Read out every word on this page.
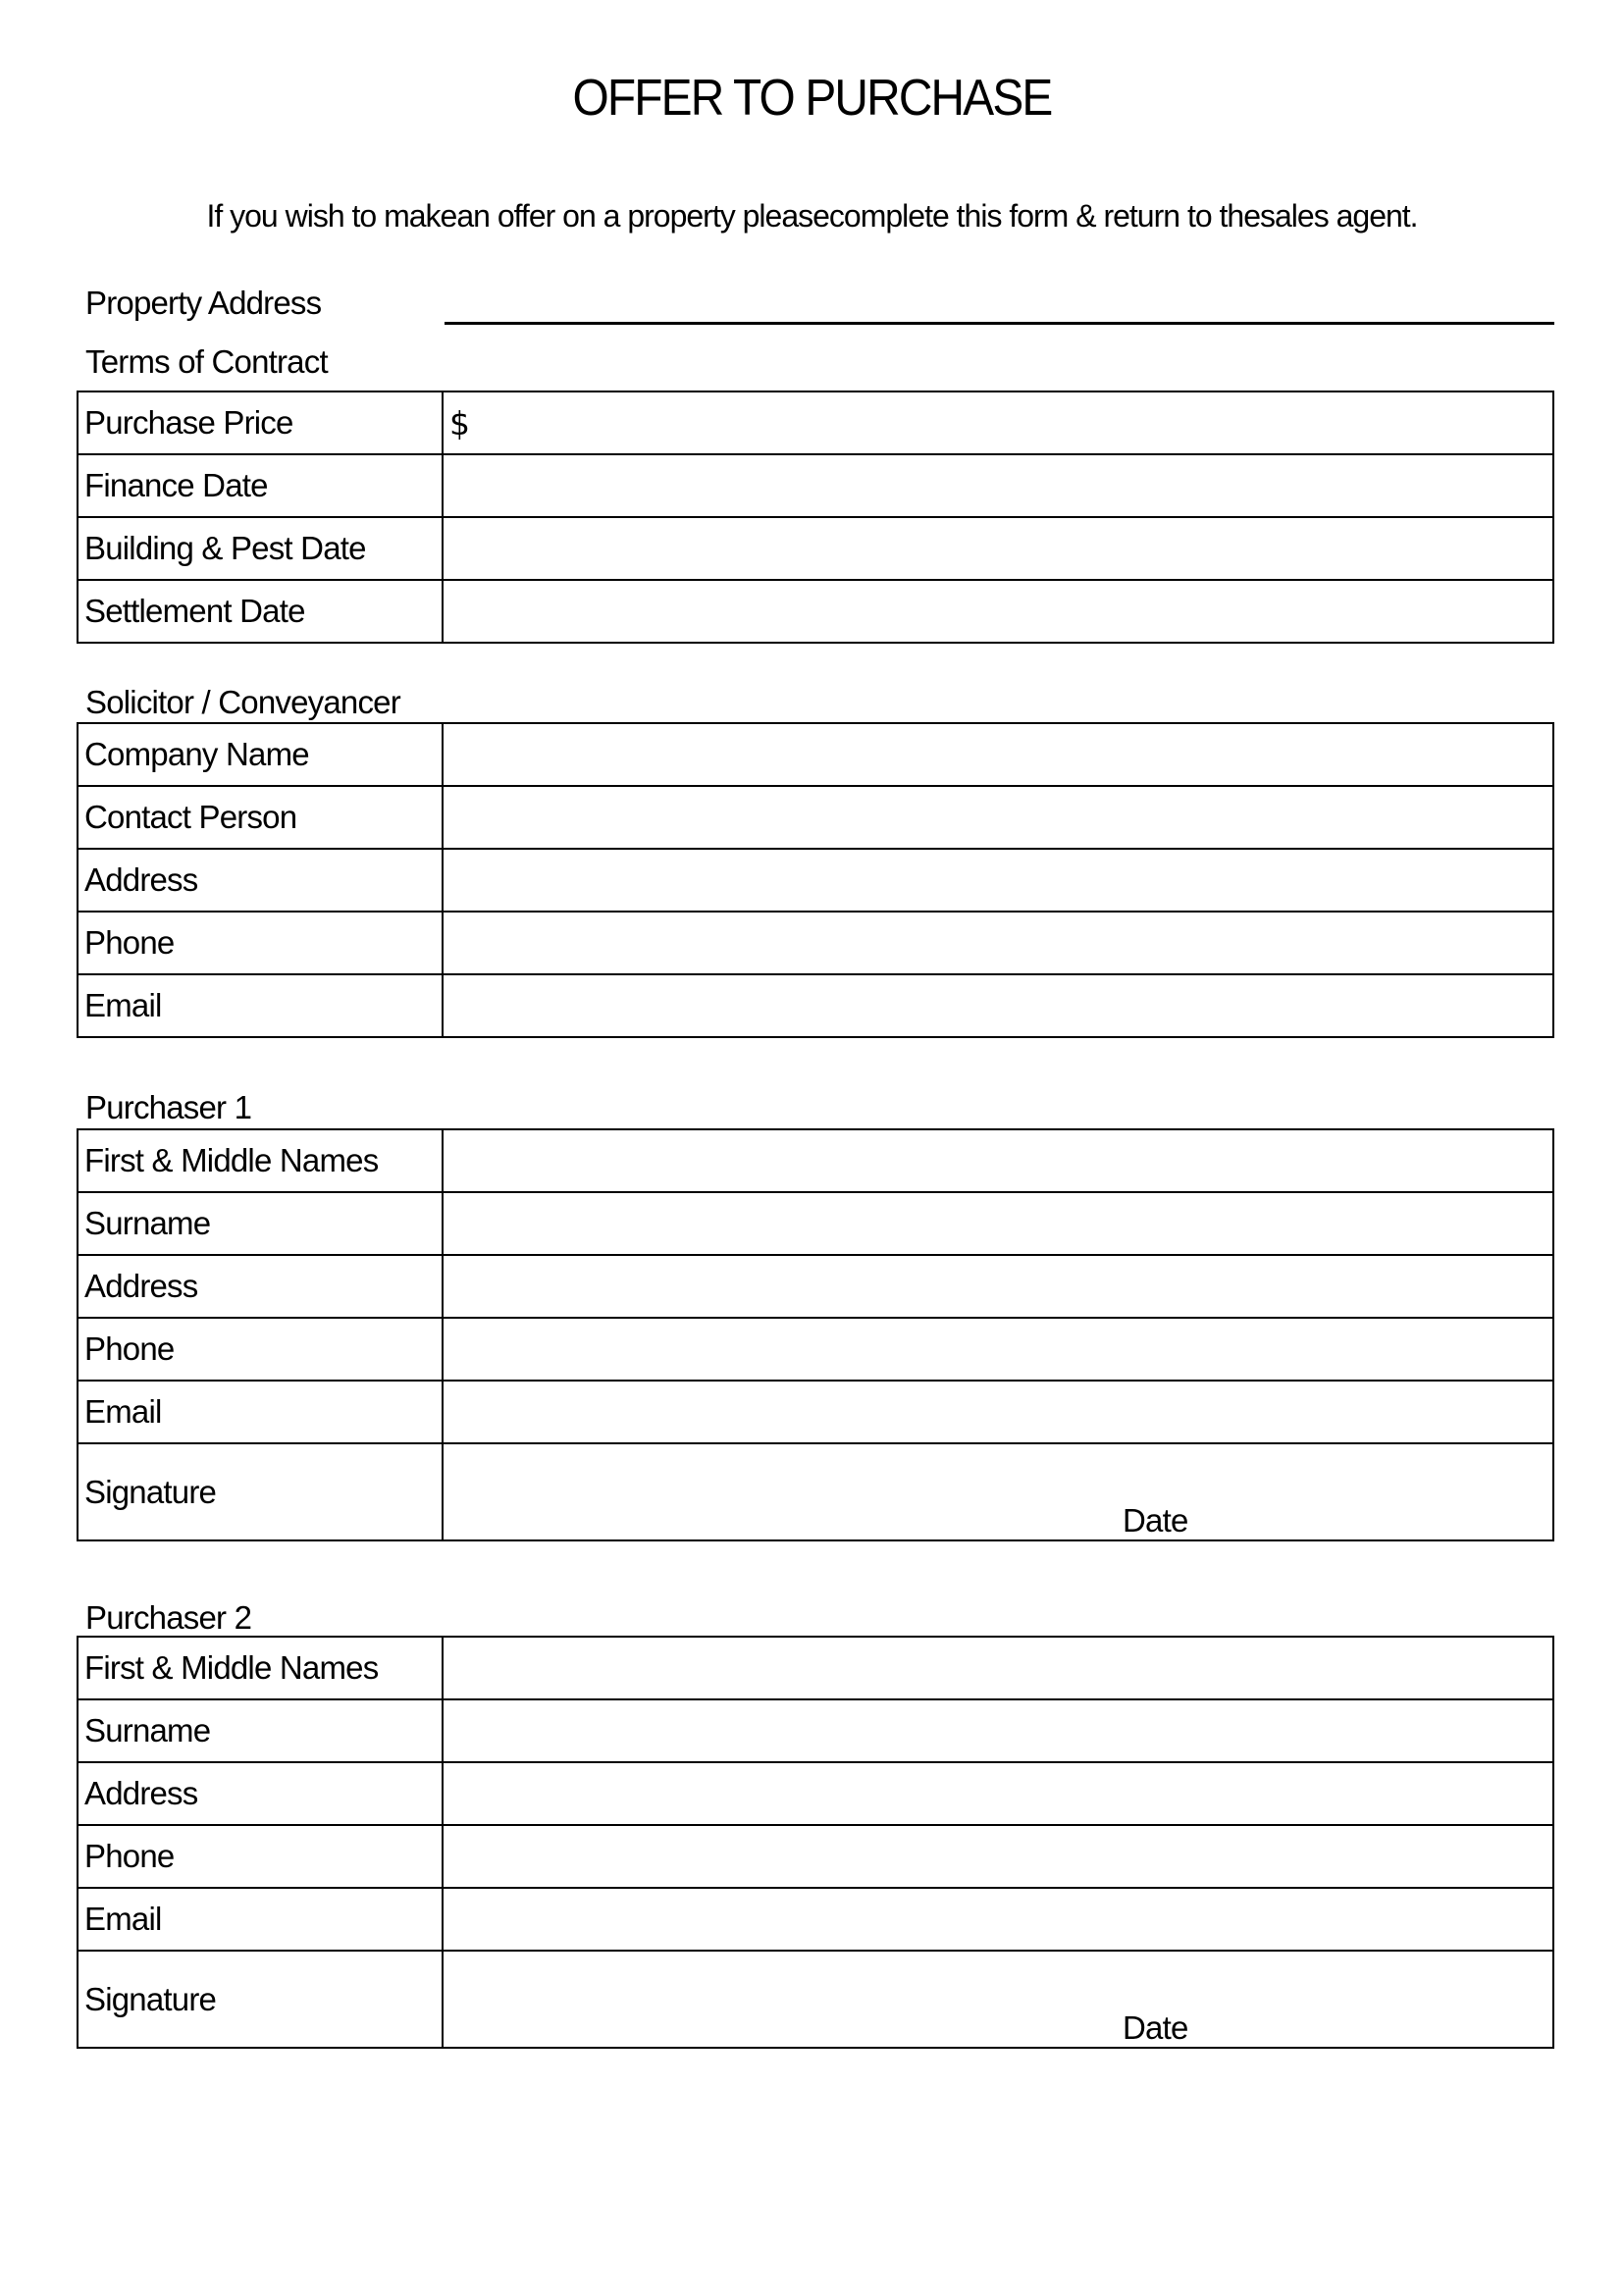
OFFER TO PURCHASE
If you wish to makean offer on a property pleasecomplete this form & return to thesales agent.
Property Address
Terms of Contract
Purchase Price	$
Finance Date	
Building & Pest Date	
Settlement Date	
Solicitor / Conveyancer
Company Name	
Contact Person	
Address	
Phone	
Email	
Purchaser 1
First & Middle Names	
Surname	
Address	
Phone	
Email	
Signature	Date
Purchaser 2
First & Middle Names	
Surname	
Address	
Phone	
Email	
Signature	Date
